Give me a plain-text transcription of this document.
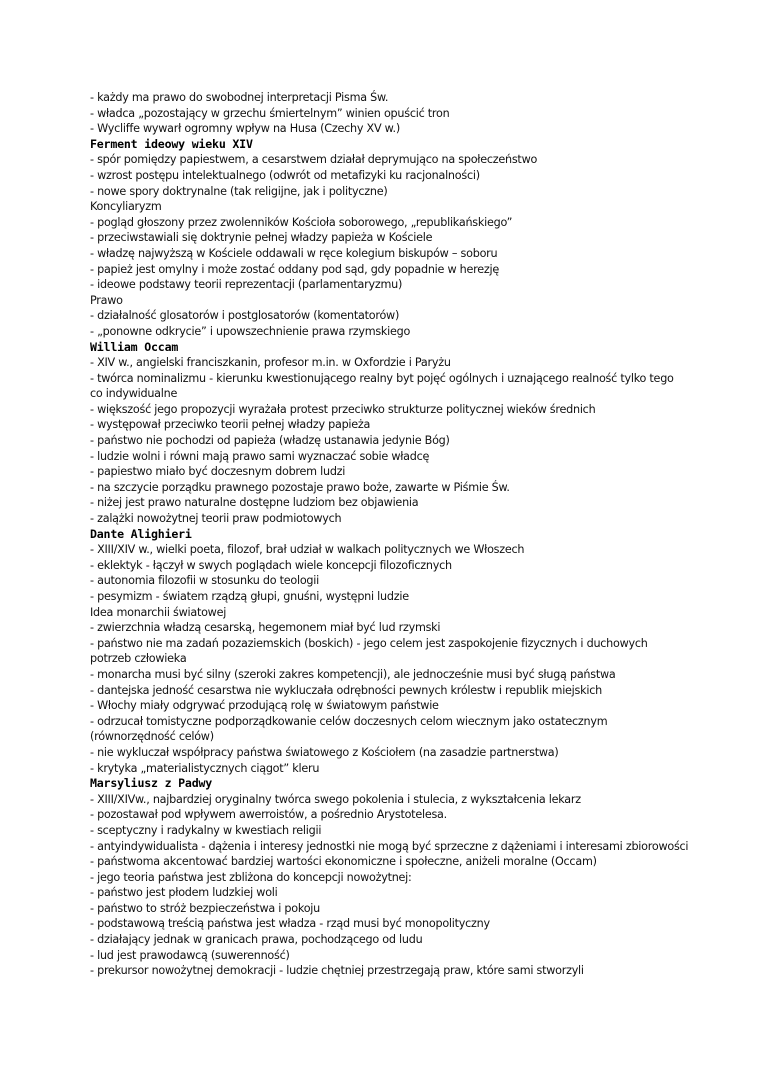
- każdy ma prawo do swobodnej interpretacji Pisma Św.
- władca „pozostający w grzechu śmiertelnym” winien opuścić tron
- Wycliffe wywarł ogromny wpływ na Husa (Czechy XV w.)
Ferment ideowy wieku XIV
- spór pomiędzy papiestwem, a cesarstwem działał deprymująco na społeczeństwo
- wzrost postępu intelektualnego (odwrót od metafizyki ku racjonalności)
- nowe spory doktrynalne (tak religijne, jak i polityczne)
Koncyliaryzm
- pogląd głoszony przez zwolenników Kościoła soborowego, „republikańskiego”
- przeciwstawiali się doktrynie pełnej władzy papieża w Kościele
- władzę najwyższą w Kościele oddawali w ręce kolegium biskupów – soboru
- papież jest omylny i może zostać oddany pod sąd, gdy popadnie w herezję
- ideowe podstawy teorii reprezentacji (parlamentaryzmu)
Prawo
- działalność glosatorów i postglosatorów (komentatorów)
- „ponowne odkrycie” i upowszechnienie prawa rzymskiego
William Occam
- XIV w., angielski franciszkanin, profesor m.in. w Oxfordzie i Paryżu
- twórca nominalizmu - kierunku kwestionującego realny byt pojęć ogólnych i uznającego realność tylko tego co indywidualne
- większość jego propozycji wyrażała protest przeciwko strukturze politycznej wieków średnich
- występował przeciwko teorii pełnej władzy papieża
- państwo nie pochodzi od papieża (władzę ustanawia jedynie Bóg)
- ludzie wolni i równi mają prawo sami wyznaczać sobie władcę
- papiestwo miało być doczesnym dobrem ludzi
- na szczycie porządku prawnego pozostaje prawo boże, zawarte w Piśmie Św.
- niżej jest prawo naturalne dostępne ludziom bez objawienia
- zalążki nowożytnej teorii praw podmiotowych
Dante Alighieri
- XIII/XIV w., wielki poeta, filozof, brał udział w walkach politycznych we Włoszech
- eklektyk - łączył w swych poglądach wiele koncepcji filozoficznych
- autonomia filozofii w stosunku do teologii
- pesymizm - światem rządzą głupi, gnuśni, występni ludzie
Idea monarchii światowej
- zwierzchnia władzą cesarską, hegemonem miał być lud rzymski
- państwo nie ma zadań pozaziemskich (boskich) - jego celem jest zaspokojenie fizycznych i duchowych potrzeb człowieka
- monarcha musi być silny (szeroki zakres kompetencji), ale jednocześnie musi być sługą państwa
- dantejska jedność cesarstwa nie wykluczała odrębności pewnych królestw i republik miejskich
- Włochy miały odgrywać przodującą rolę w światowym państwie
- odrzucał tomistyczne podporządkowanie celów doczesnych celom wiecznym jako ostatecznym (równorzędność celów)
- nie wykluczał współpracy państwa światowego z Kościołem (na zasadzie partnerstwa)
- krytyka „materialistycznych ciągot” kleru
Marsyliusz z Padwy
- XIII/XIVw., najbardziej oryginalny twórca swego pokolenia i stulecia, z wykształcenia lekarz
- pozostawał pod wpływem awerroistów, a pośrednio Arystotelesa.
- sceptyczny i radykalny w kwestiach religii
- antyindywidualista - dążenia i interesy jednostki nie mogą być sprzeczne z dążeniami i interesami zbiorowości
- państwoma akcentować bardziej wartości ekonomiczne i społeczne, aniżeli moralne (Occam)
- jego teoria państwa jest zbliżona do koncepcji nowożytnej:
- państwo jest płodem ludzkiej woli
- państwo to stróż bezpieczeństwa i pokoju
- podstawową treścią państwa jest władza - rząd musi być monopolityczny
- działający jednak w granicach prawa, pochodzącego od ludu
- lud jest prawodawcą (suwerenność)
- prekursor nowożytnej demokracji - ludzie chętniej przestrzegają praw, które sami stworzyli
